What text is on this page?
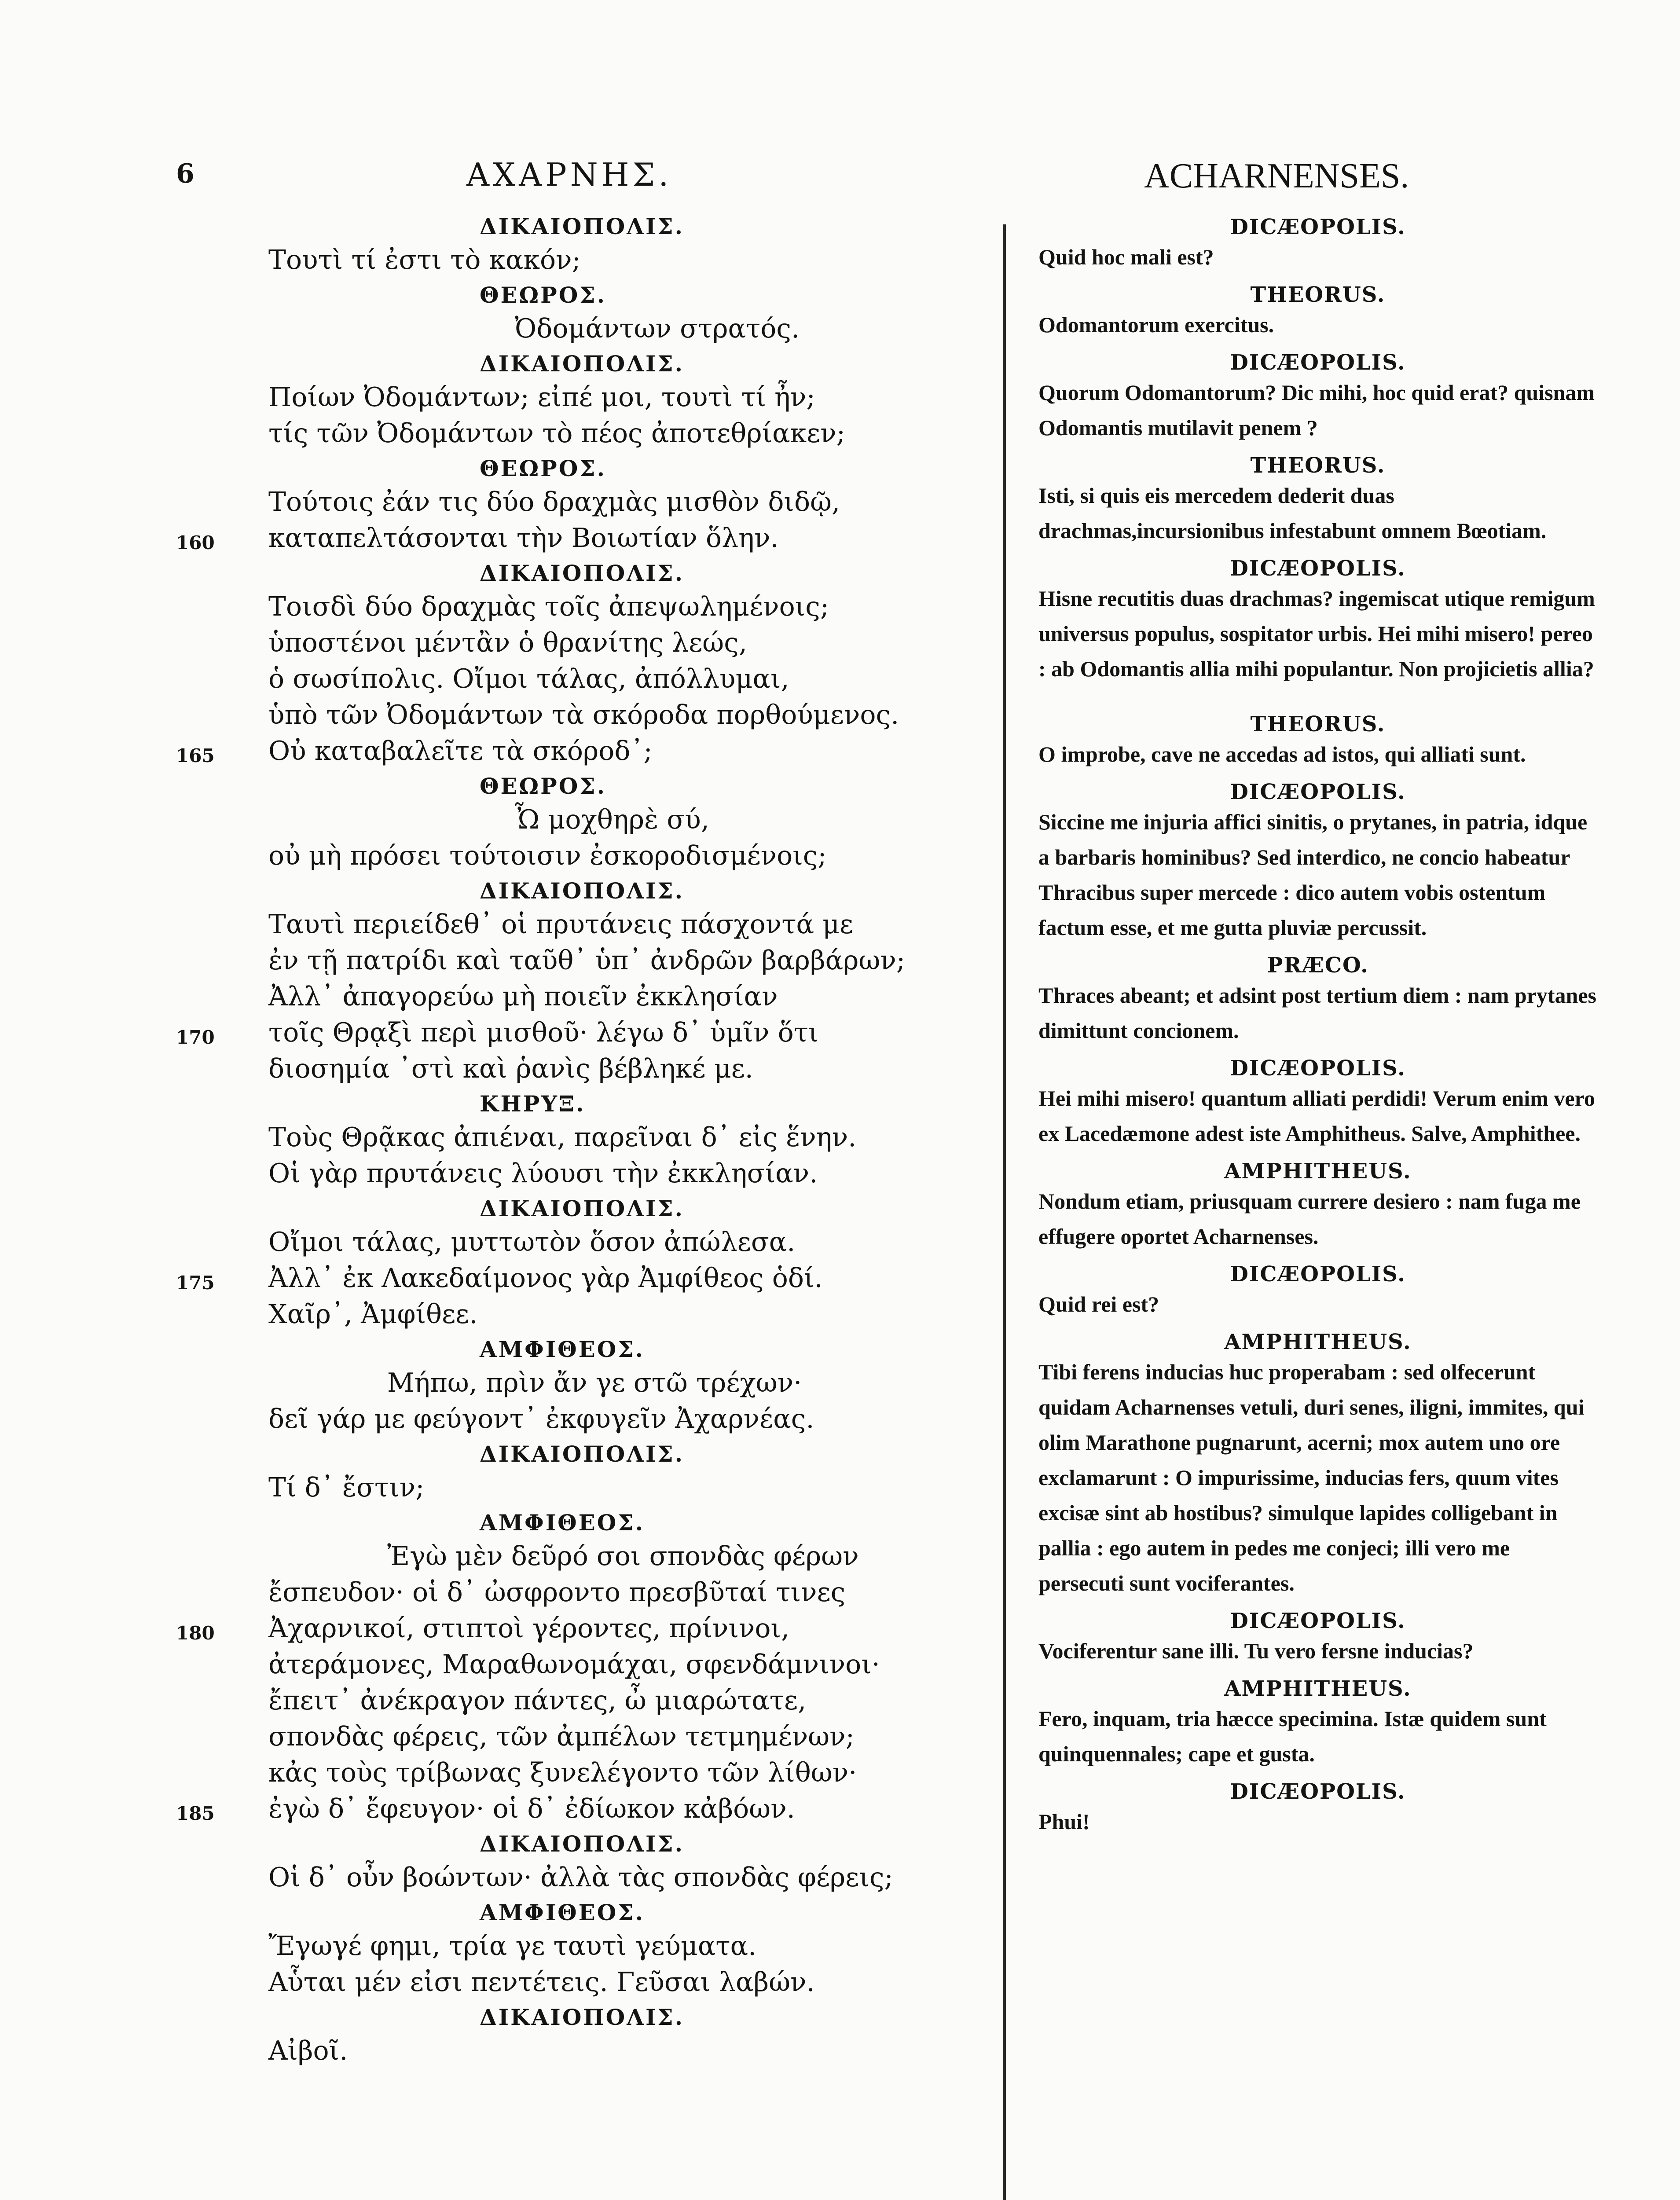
6	ΑΧΑΡΝΗΣ.	ACHARNENSES.
ΔΙΚΑΙΟΠΟΛΙΣ.
Τουτὶ τί ἐστι τὸ κακόν;
ΘΕΩΡΟΣ.
Ὀδομάντων στρατός.
ΔΙΚΑΙΟΠΟΛΙΣ.
Ποίων Ὀδομάντων; εἰπέ μοι, τουτὶ τί ἦν;
τίς τῶν Ὀδομάντων τὸ πέος ἀποτεθρίακεν;
ΘΕΩΡΟΣ.
Τούτοις ἐάν τις δύο δραχμὰς μισθὸν διδῷ,
160 καταπελτάσονται τὴν Βοιωτίαν ὅλην.
ΔΙΚΑΙΟΠΟΛΙΣ.
Τοισδὶ δύο δραχμὰς τοῖς ἀπεψωλημένοις;
ὑποστένοι μέντἂν ὁ θρανίτης λεώς,
ὁ σωσίπολις. Οἴμοι τάλας, ἀπόλλυμαι,
ὑπὸ τῶν Ὀδομάντων τὰ σκόροδα πορθούμενος.
165 Οὐ καταβαλεῖτε τὰ σκόροδ᾽;
ΘΕΩΡΟΣ.
Ὦ μοχθηρὲ σύ,
οὐ μὴ πρόσει τούτοισιν ἐσκοροδισμένοις;
ΔΙΚΑΙΟΠΟΛΙΣ.
Ταυτὶ περιείδεθ᾽ οἱ πρυτάνεις πάσχοντά με
ἐν τῇ πατρίδι καὶ ταῦθ᾽ ὑπ᾽ ἀνδρῶν βαρβάρων;
Ἀλλ᾽ ἀπαγορεύω μὴ ποιεῖν ἐκκλησίαν
170 τοῖς Θρᾳξὶ περὶ μισθοῦ· λέγω δ᾽ ὑμῖν ὅτι
διοσημία ᾽στὶ καὶ ῥανὶς βέβληκέ με.
ΚΗΡΥΞ.
Τοὺς Θρᾷκας ἀπιέναι, παρεῖναι δ᾽ εἰς ἕνην.
Οἱ γὰρ πρυτάνεις λύουσι τὴν ἐκκλησίαν.
ΔΙΚΑΙΟΠΟΛΙΣ.
Οἴμοι τάλας, μυττωτὸν ὅσον ἀπώλεσα.
175 Ἀλλ᾽ ἐκ Λακεδαίμονος γὰρ Ἀμφίθεος ὁδί.
Χαῖρ᾽, Ἀμφίθεε.
ΑΜΦΙΘΕΟΣ.
Μήπω, πρὶν ἄν γε στῶ τρέχων·
δεῖ γάρ με φεύγοντ᾽ ἐκφυγεῖν Ἀχαρνέας.
ΔΙΚΑΙΟΠΟΛΙΣ.
Τί δ᾽ ἔστιν;
ΑΜΦΙΘΕΟΣ.
Ἐγὼ μὲν δεῦρό σοι σπονδὰς φέρων
ἔσπευδον· οἱ δ᾽ ὠσφροντο πρεσβῦταί τινες
180 Ἀχαρνικοί, στιπτοὶ γέροντες, πρίνινοι,
ἀτεράμονες, Μαραθωνομάχαι, σφενδάμνινοι·
ἔπειτ᾽ ἀνέκραγον πάντες, ὦ μιαρώτατε,
σπονδὰς φέρεις, τῶν ἀμπέλων τετμημένων;
κἀς τοὺς τρίβωνας ξυνελέγοντο τῶν λίθων·
185 ἐγὼ δ᾽ ἔφευγον· οἱ δ᾽ ἐδίωκον κἀβόων.
ΔΙΚΑΙΟΠΟΛΙΣ.
Οἱ δ᾽ οὖν βοώντων· ἀλλὰ τὰς σπονδὰς φέρεις;
ΑΜΦΙΘΕΟΣ.
Ἔγωγέ φημι, τρία γε ταυτὶ γεύματα.
Αὗται μέν εἰσι πεντέτεις. Γεῦσαι λαβών.
ΔΙΚΑΙΟΠΟΛΙΣ.
Αἰβοῖ.
DICÆOPOLIS.
Quid hoc mali est?
THEORUS.
Odomantorum exercitus.
DICÆOPOLIS.
Quorum Odomantorum? Dic mihi, hoc quid erat? quisnam Odomantis mutilavit penem ?
THEORUS.
Isti, si quis eis mercedem dederit duas drachmas,incursionibus infestabunt omnem Bœotiam.
DICÆOPOLIS.
Hisne recutitis duas drachmas? ingemiscat utique remigum universus populus, sospitator urbis. Hei mihi misero! pereo : ab Odomantis allia mihi populantur. Non projicietis allia?
THEORUS.
O improbe, cave ne accedas ad istos, qui alliati sunt.
DICÆOPOLIS.
Siccine me injuria affici sinitis, o prytanes, in patria, idque a barbaris hominibus? Sed interdico, ne concio habeatur Thracibus super mercede : dico autem vobis ostentum factum esse, et me gutta pluviæ percussit.
PRÆCO.
Thraces abeant; et adsint post tertium diem : nam prytanes dimittunt concionem.
DICÆOPOLIS.
Hei mihi misero! quantum alliati perdidi! Verum enim vero ex Lacedæmone adest iste Amphitheus. Salve, Amphithee.
AMPHITHEUS.
Nondum etiam, priusquam currere desiero : nam fuga me effugere oportet Acharnenses.
DICÆOPOLIS.
Quid rei est?
AMPHITHEUS.
Tibi ferens inducias huc properabam : sed olfecerunt quidam Acharnenses vetuli, duri senes, iligni, immites, qui olim Marathone pugnarunt, acerni; mox autem uno ore exclamarunt : O impurissime, inducias fers, quum vites excisæ sint ab hostibus? simulque lapides colligebant in pallia : ego autem in pedes me conjeci; illi vero me persecuti sunt vociferantes.
DICÆOPOLIS.
Vociferentur sane illi. Tu vero fersne inducias?
AMPHITHEUS.
Fero, inquam, tria hæcce specimina. Istæ quidem sunt quinquennales; cape et gusta.
DICÆOPOLIS.
Phui!
